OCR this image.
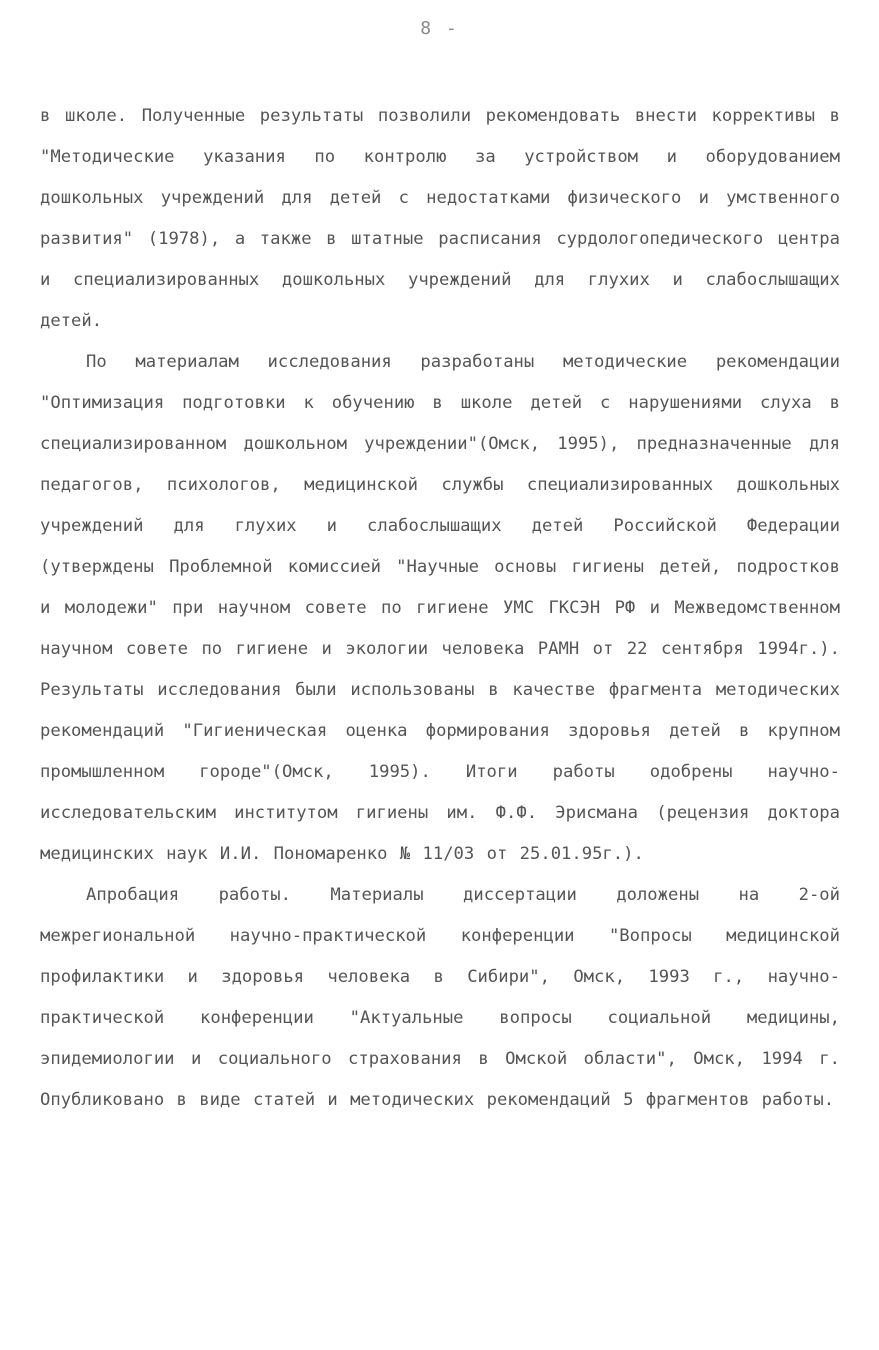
8 -

в школе. Полученные результаты позволили рекомендовать внести коррективы в "Методические указания по контролю за устройством и оборудованием дошкольных учреждений для детей с недостатками физического и умственного развития" (1978), а также в штатные расписания сурдологопедического центра и специализированных дошкольных учреждений для глухих и слабослышащих детей.

По материалам исследования разработаны методические рекомендации "Оптимизация подготовки к обучению в школе детей с нарушениями слуха в специализированном дошкольном учреждении"(Омск, 1995), предназначенные для педагогов, психологов, медицинской службы специализированных дошкольных учреждений для глухих и слабослышащих детей Российской Федерации (утверждены Проблемной комиссией "Научные основы гигиены детей, подростков и молодежи" при научном совете по гигиене УМС ГКСЭН РФ и Межведомственном научном совете по гигиене и экологии человека РАМН от 22 сентября 1994г.). Результаты исследования были использованы в качестве фрагмента методических рекомендаций "Гигиеническая оценка формирования здоровья детей в крупном промышленном городе"(Омск, 1995). Итоги работы одобрены научно-исследовательским институтом гигиены им. Ф.Ф. Эрисмана (рецензия доктора медицинских наук И.И. Пономаренко № 11/03 от 25.01.95г.).

Апробация работы. Материалы диссертации доложены на 2-ой межрегиональной научно-практической конференции "Вопросы медицинской профилактики и здоровья человека в Сибири", Омск, 1993 г., научно-практической конференции "Актуальные вопросы социальной медицины, эпидемиологии и социального страхования в Омской области", Омск, 1994 г. Опубликовано в виде статей и методических рекомендаций 5 фрагментов работы.
